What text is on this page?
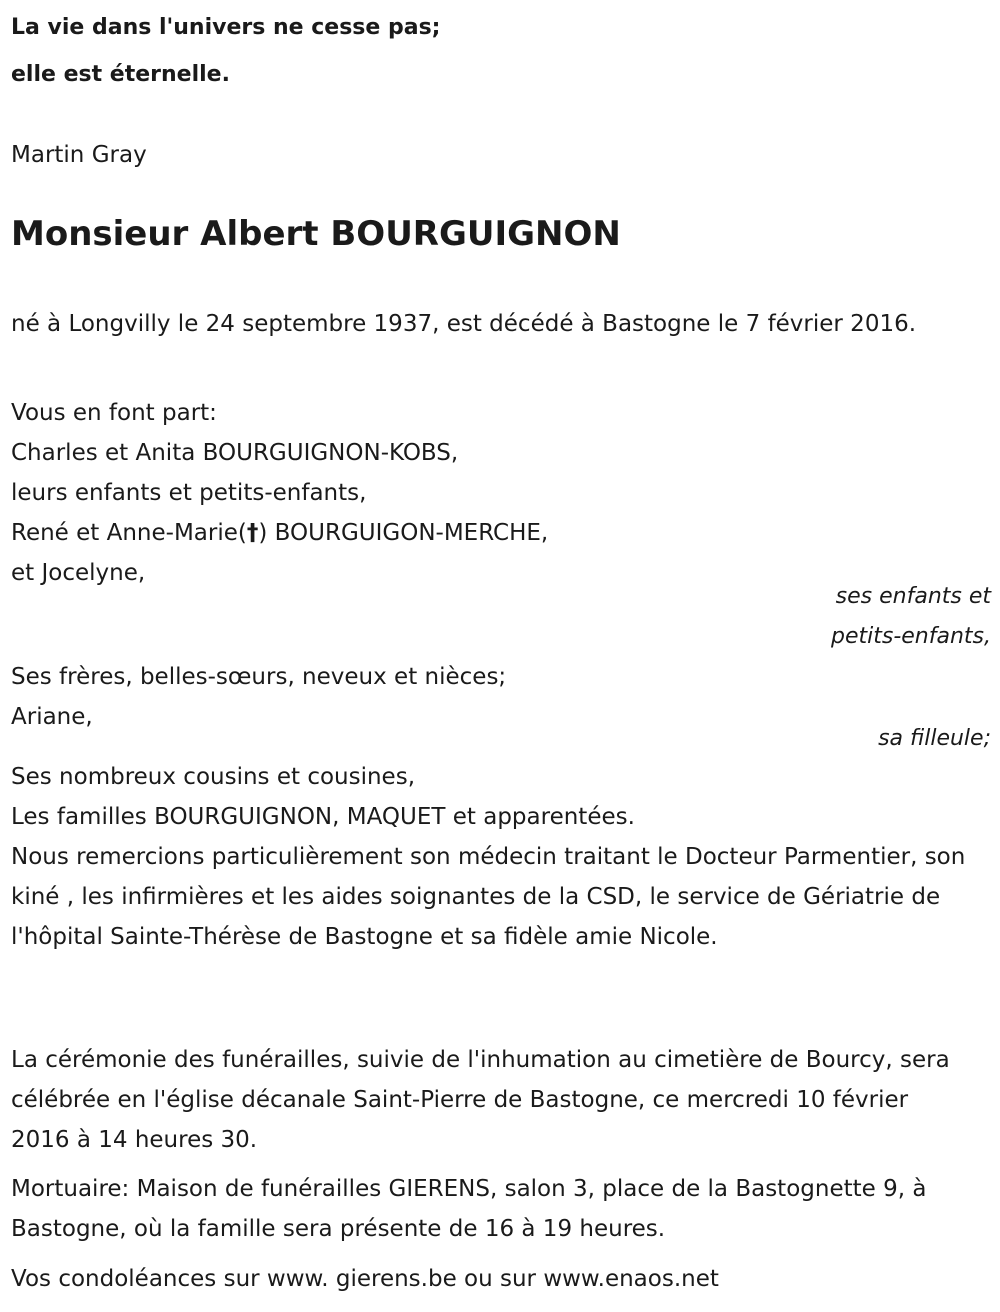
La vie dans l'univers ne cesse pas;

elle est éternelle.

Martin Gray

Monsieur Albert BOURGUIGNON

né à Longvilly le 24 septembre 1937, est décédé à Bastogne le 7 février 2016.

Vous en font part:
Charles et Anita BOURGUIGNON-KOBS,
leurs enfants et petits-enfants,
René et Anne-Marie(†) BOURGUIGON-MERCHE,
et Jocelyne,
ses enfants et
petits-enfants,
Ses frères, belles-sœurs, neveux et nièces;
Ariane,
sa filleule;
Ses nombreux cousins et cousines,
Les familles BOURGUIGNON, MAQUET et apparentées.
Nous remercions particulièrement son médecin traitant le Docteur Parmentier, son kiné , les infirmières et les aides soignantes de la CSD, le service de Gériatrie de l'hôpital Sainte-Thérèse de Bastogne et sa fidèle amie Nicole.

La cérémonie des funérailles, suivie de l'inhumation au cimetière de Bourcy, sera célébrée en l'église décanale Saint-Pierre de Bastogne, ce mercredi 10 février 2016 à 14 heures 30.

Mortuaire: Maison de funérailles GIERENS, salon 3, place de la Bastognette 9, à Bastogne, où la famille sera présente de 16 à 19 heures.

Vos condoléances sur www. gierens.be ou sur www.enaos.net
